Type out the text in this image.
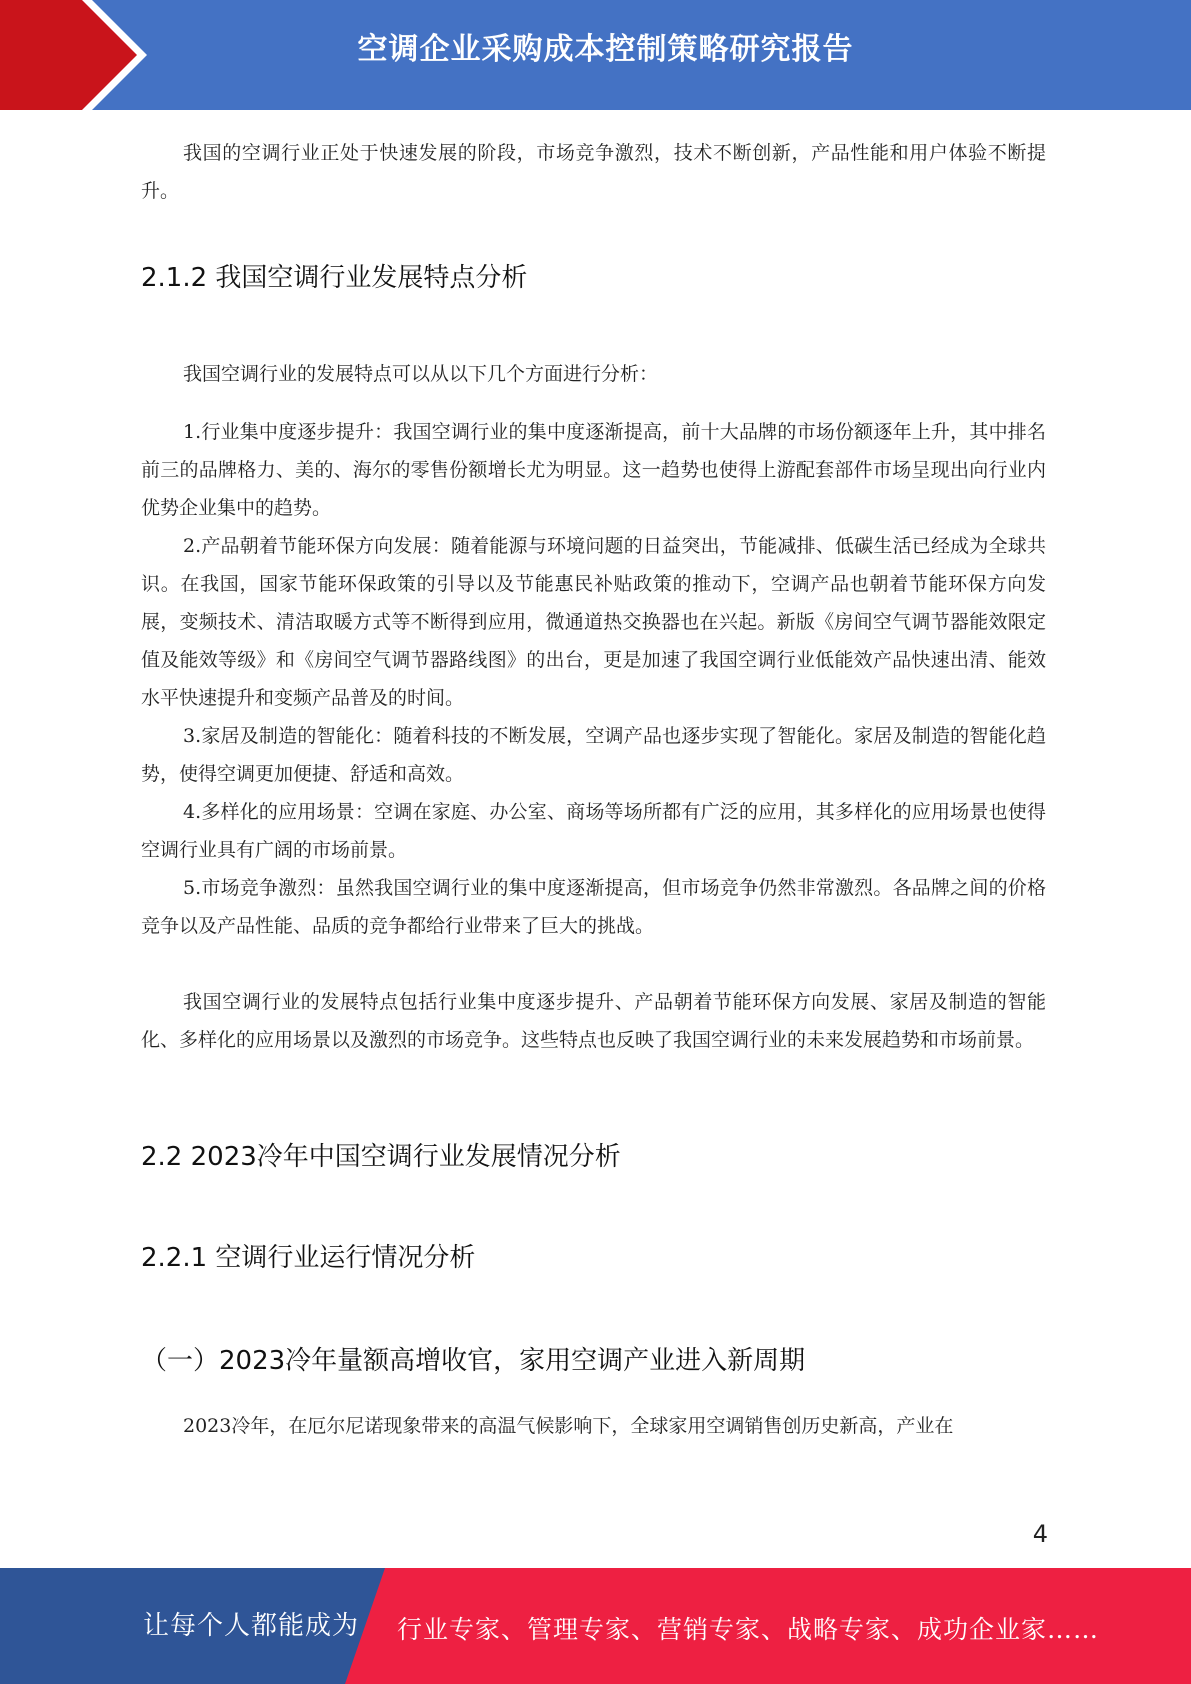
空调企业采购成本控制策略研究报告

我国的空调行业正处于快速发展的阶段，市场竞争激烈，技术不断创新，产品性能和用户体验不断提升。

2.1.2 我国空调行业发展特点分析

我国空调行业的发展特点可以从以下几个方面进行分析：

1.行业集中度逐步提升：我国空调行业的集中度逐渐提高，前十大品牌的市场份额逐年上升，其中排名前三的品牌格力、美的、海尔的零售份额增长尤为明显。这一趋势也使得上游配套部件市场呈现出向行业内优势企业集中的趋势。

2.产品朝着节能环保方向发展：随着能源与环境问题的日益突出，节能减排、低碳生活已经成为全球共识。在我国，国家节能环保政策的引导以及节能惠民补贴政策的推动下，空调产品也朝着节能环保方向发展，变频技术、清洁取暖方式等不断得到应用，微通道热交换器也在兴起。新版《房间空气调节器能效限定值及能效等级》和《房间空气调节器路线图》的出台，更是加速了我国空调行业低能效产品快速出清、能效水平快速提升和变频产品普及的时间。

3.家居及制造的智能化：随着科技的不断发展，空调产品也逐步实现了智能化。家居及制造的智能化趋势，使得空调更加便捷、舒适和高效。

4.多样化的应用场景：空调在家庭、办公室、商场等场所都有广泛的应用，其多样化的应用场景也使得空调行业具有广阔的市场前景。

5.市场竞争激烈：虽然我国空调行业的集中度逐渐提高，但市场竞争仍然非常激烈。各品牌之间的价格竞争以及产品性能、品质的竞争都给行业带来了巨大的挑战。

我国空调行业的发展特点包括行业集中度逐步提升、产品朝着节能环保方向发展、家居及制造的智能化、多样化的应用场景以及激烈的市场竞争。这些特点也反映了我国空调行业的未来发展趋势和市场前景。

2.2 2023冷年中国空调行业发展情况分析
2.2.1 空调行业运行情况分析
（一）2023冷年量额高增收官，家用空调产业进入新周期

2023冷年，在厄尔尼诺现象带来的高温气候影响下，全球家用空调销售创历史新高，产业在

4
让每个人都能成为 行业专家、管理专家、营销专家、战略专家、成功企业家……
